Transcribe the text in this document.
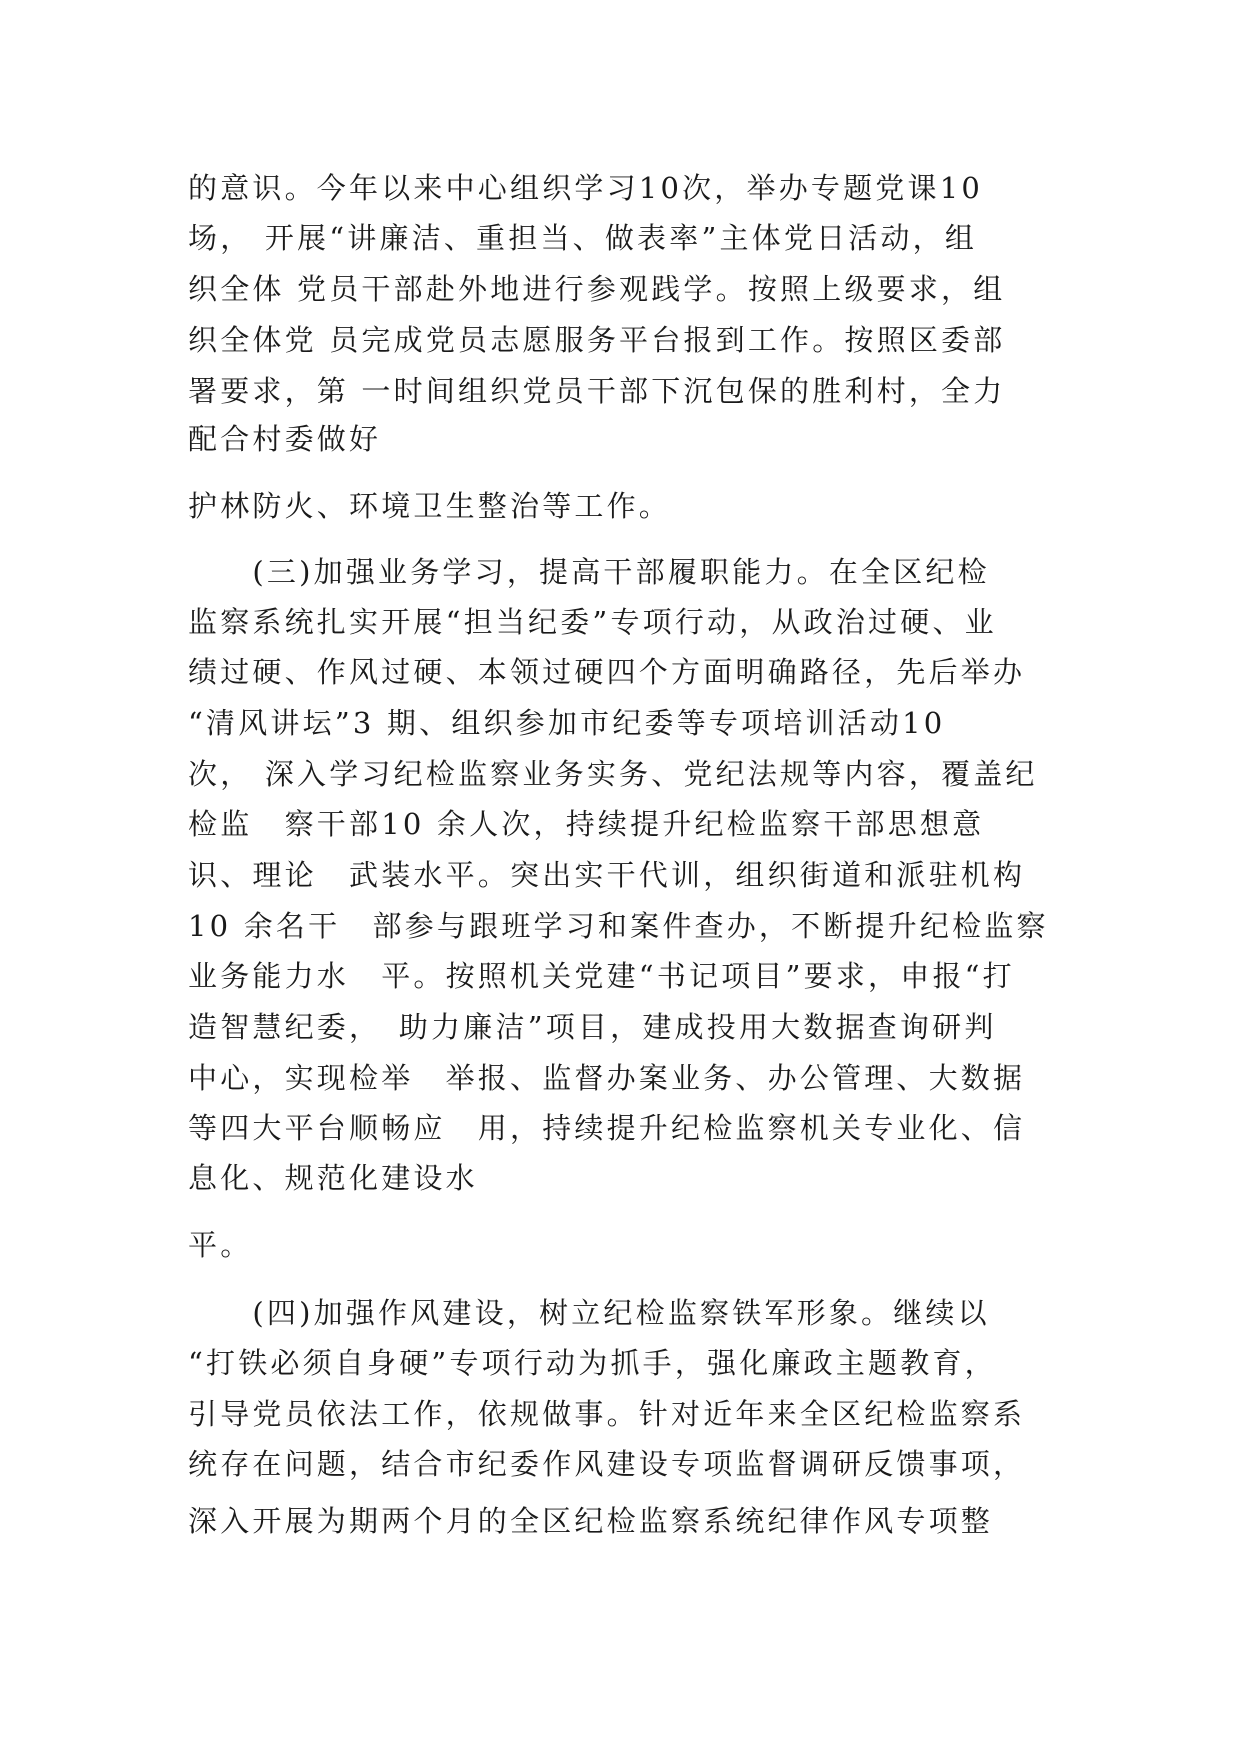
的意识。今年以来中心组织学习10次，举办专题党课10
场， 开展“讲廉洁、重担当、做表率”主体党日活动，组
织全体 党员干部赴外地进行参观践学。按照上级要求，组
织全体党 员完成党员志愿服务平台报到工作。按照区委部
署要求，第 一时间组织党员干部下沉包保的胜利村，全力
配合村委做好
护林防火、环境卫生整治等工作。
　　(三)加强业务学习，提高干部履职能力。在全区纪检
监察系统扎实开展“担当纪委”专项行动，从政治过硬、业
绩过硬、作风过硬、本领过硬四个方面明确路径，先后举办
“清风讲坛”3 期、组织参加市纪委等专项培训活动10
次， 深入学习纪检监察业务实务、党纪法规等内容，覆盖纪
检监　察干部10 余人次，持续提升纪检监察干部思想意
识、理论　武装水平。突出实干代训，组织街道和派驻机构
10 余名干　部参与跟班学习和案件查办，不断提升纪检监察
业务能力水　平。按照机关党建“书记项目”要求，申报“打
造智慧纪委，　助力廉洁”项目，建成投用大数据查询研判
中心，实现检举　举报、监督办案业务、办公管理、大数据
等四大平台顺畅应　用，持续提升纪检监察机关专业化、信
息化、规范化建设水
平。
　　(四)加强作风建设，树立纪检监察铁军形象。继续以
“打铁必须自身硬”专项行动为抓手，强化廉政主题教育，
引导党员依法工作，依规做事。针对近年来全区纪检监察系
统存在问题，结合市纪委作风建设专项监督调研反馈事项，
深入开展为期两个月的全区纪检监察系统纪律作风专项整
